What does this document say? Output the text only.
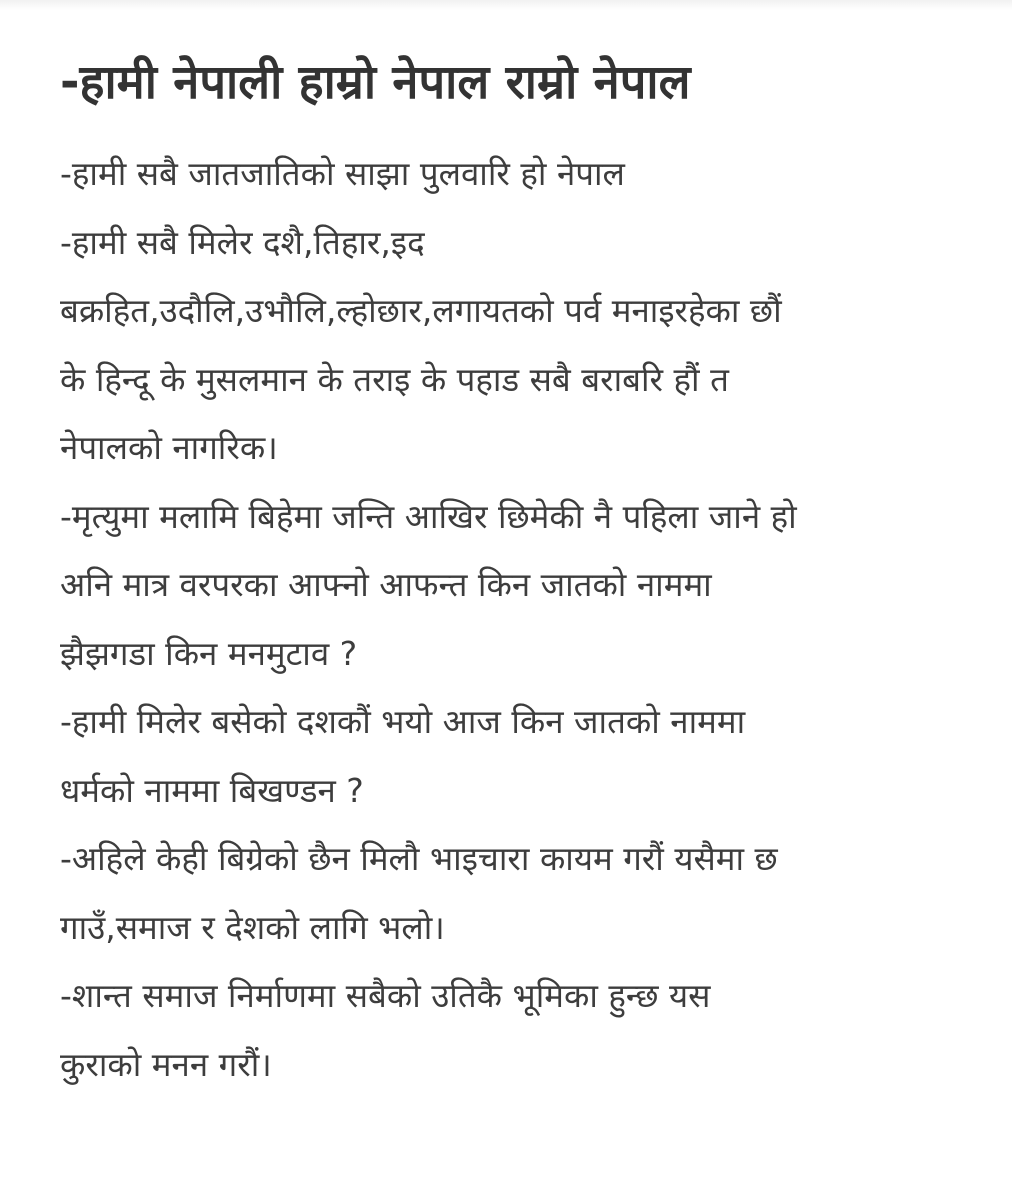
-हामी नेपाली हाम्रो नेपाल राम्रो नेपाल
-हामी सबै जातजातिको साझा पुलवारि हो नेपाल
-हामी सबै मिलेर दशै,तिहार,इद
बक्रहित,उदौलि,उभौलि,ल्होछार,लगायतको पर्व मनाइरहेका छौं
के हिन्दू के मुसलमान के तराइ के पहाड सबै बराबरि हौं त
नेपालको नागरिक।
-मृत्युमा मलामि बिहेमा जन्ति आखिर छिमेकी नै पहिला जाने हो
अनि मात्र वरपरका आफ्नो आफन्त किन जातको नाममा
झैझगडा किन मनमुटाव ?
-हामी मिलेर बसेको दशकौं भयो आज किन जातको नाममा
धर्मको नाममा बिखण्डन ?
-अहिले केही बिग्रेको छैन मिलौ भाइचारा कायम गरौं यसैमा छ
गाउँ,समाज र देशको लागि भलो।
-शान्त समाज निर्माणमा सबैको उतिकै भूमिका हुन्छ यस
कुराको मनन गरौं।
